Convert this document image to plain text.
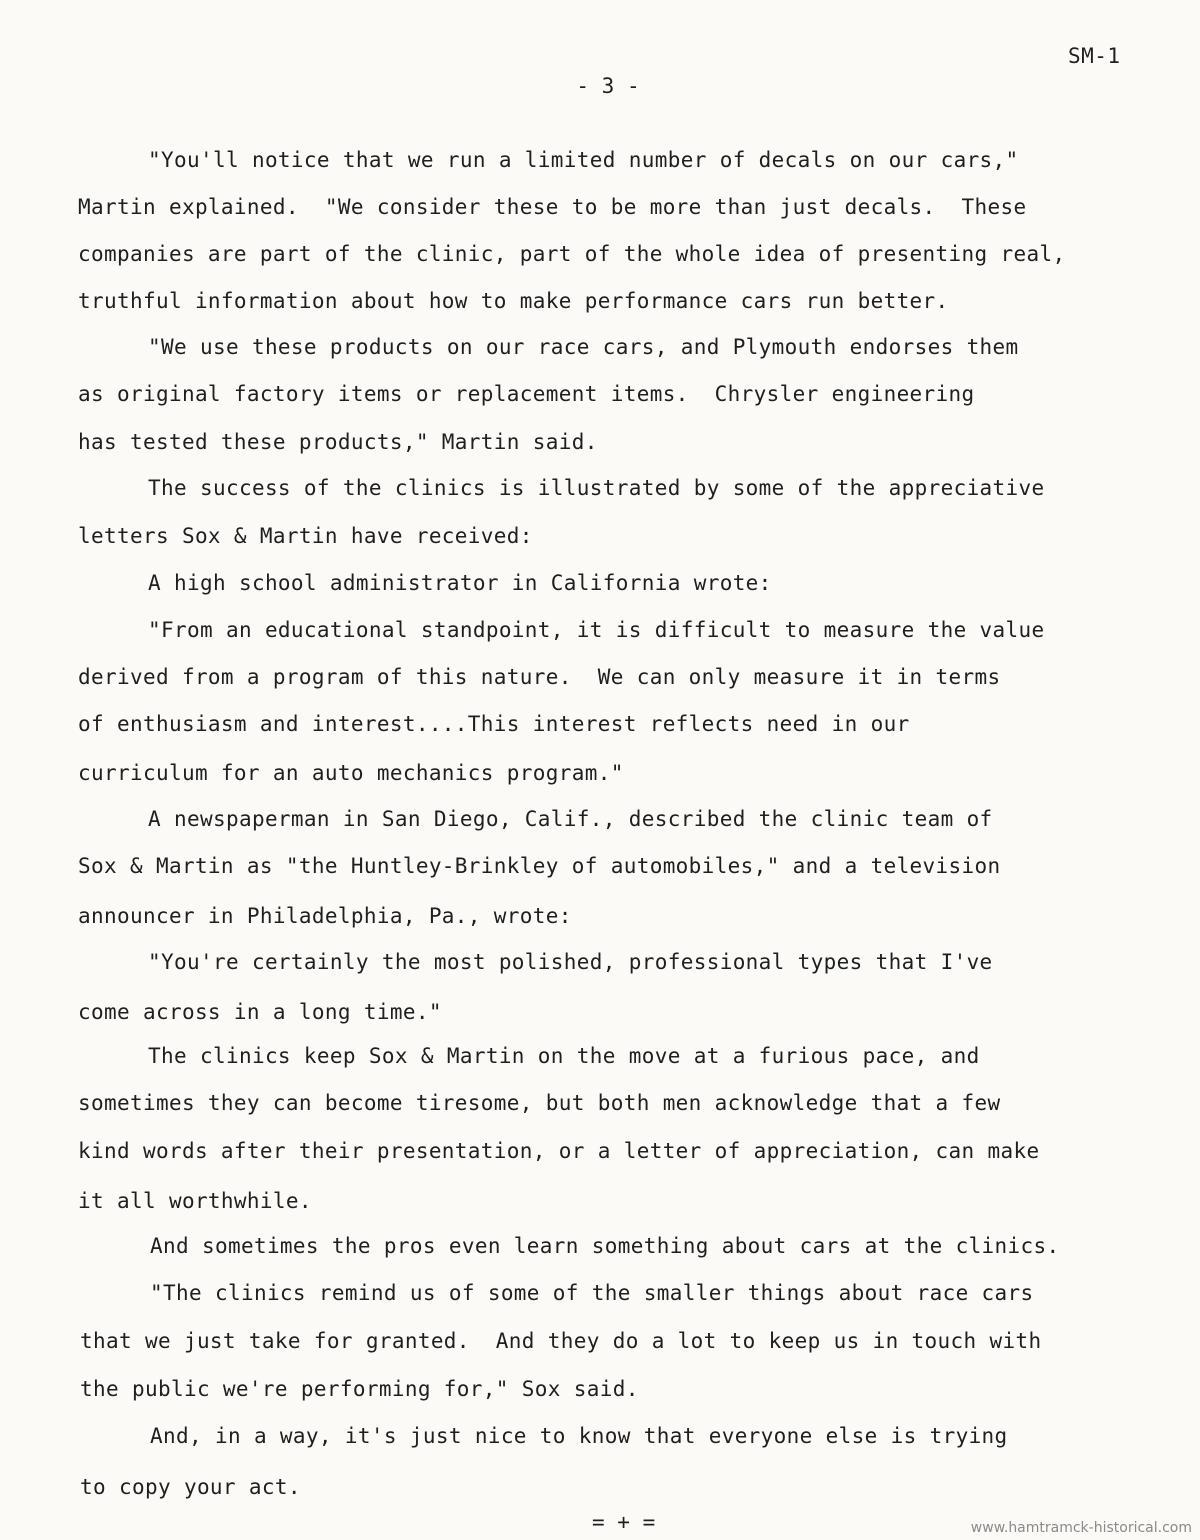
SM-1
- 3 -
"You'll notice that we run a limited number of decals on our cars,"
Martin explained.  "We consider these to be more than just decals.  These
companies are part of the clinic, part of the whole idea of presenting real,
truthful information about how to make performance cars run better.
"We use these products on our race cars, and Plymouth endorses them
as original factory items or replacement items.  Chrysler engineering
has tested these products," Martin said.
The success of the clinics is illustrated by some of the appreciative
letters Sox & Martin have received:
A high school administrator in California wrote:
"From an educational standpoint, it is difficult to measure the value
derived from a program of this nature.  We can only measure it in terms
of enthusiasm and interest....This interest reflects need in our
curriculum for an auto mechanics program."
A newspaperman in San Diego, Calif., described the clinic team of
Sox & Martin as "the Huntley-Brinkley of automobiles," and a television
announcer in Philadelphia, Pa., wrote:
"You're certainly the most polished, professional types that I've
come across in a long time."
The clinics keep Sox & Martin on the move at a furious pace, and
sometimes they can become tiresome, but both men acknowledge that a few
kind words after their presentation, or a letter of appreciation, can make
it all worthwhile.
And sometimes the pros even learn something about cars at the clinics.
"The clinics remind us of some of the smaller things about race cars
that we just take for granted.  And they do a lot to keep us in touch with
the public we're performing for," Sox said.
And, in a way, it's just nice to know that everyone else is trying
to copy your act.
= + =	www.hamtramck-historical.com
